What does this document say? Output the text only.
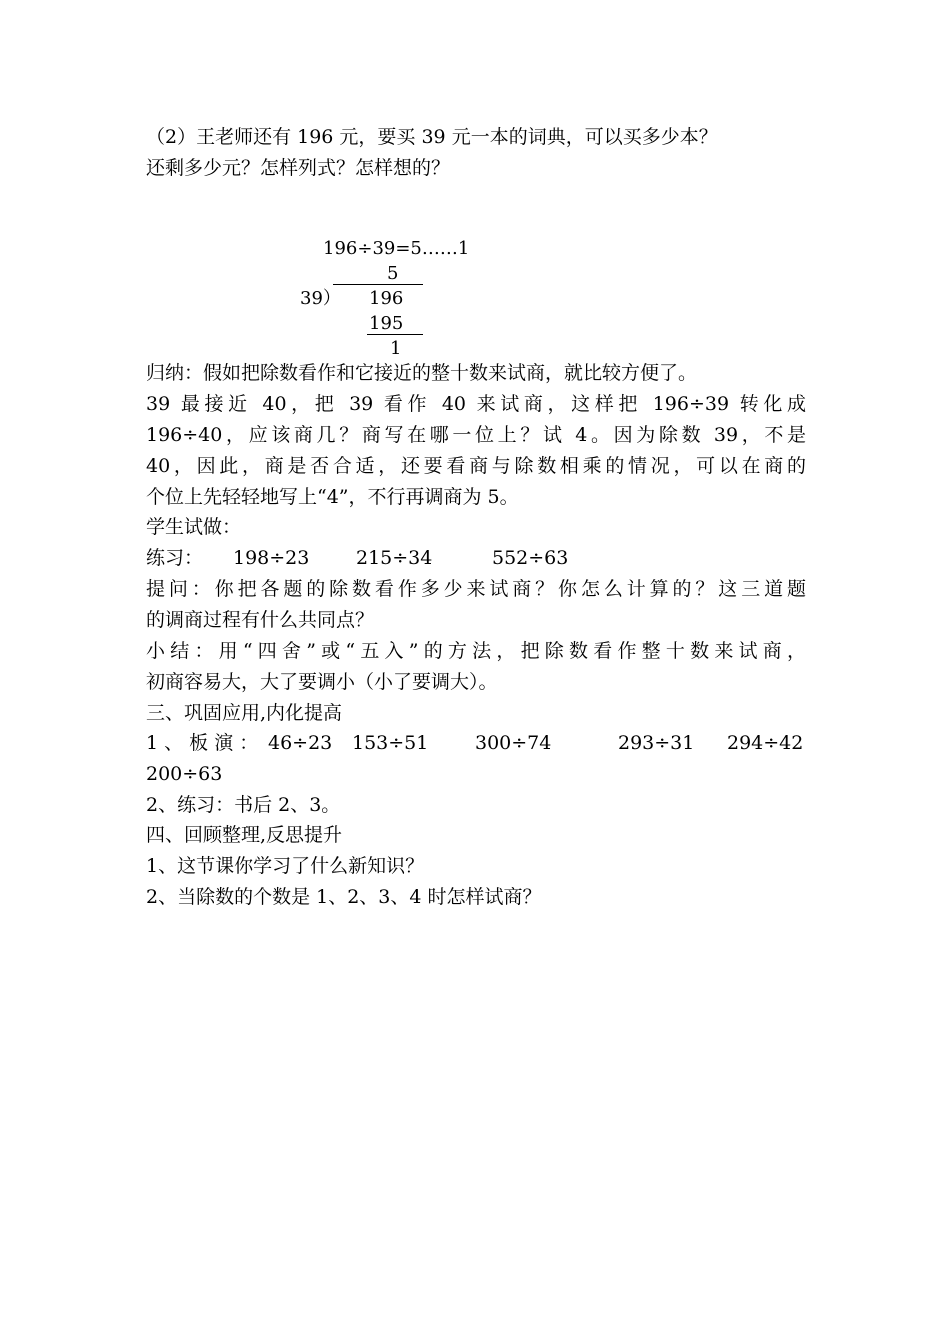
（2）王老师还有 196 元，要买 39 元一本的词典，可以买多少本？
还剩多少元？怎样列式？怎样想的？
196÷39=5……1
5
39） 196
195
1
归纳：假如把除数看作和它接近的整十数来试商，就比较方便了。
39 最接近 40，把 39 看作 40 来试商，这样把 196÷39 转化成
196÷40，应该商几？商写在哪一位上？试 4。因为除数 39，不是
40，因此，商是否合适，还要看商与除数相乘的情况，可以在商的
个位上先轻轻地写上“4”，不行再调商为 5。
学生试做：
练习： 198÷23 215÷34	552÷63
提问：你把各题的除数看作多少来试商？你怎么计算的？这三道题
的调商过程有什么共同点？
小结：用“四舍”或“五入”的方法，把除数看作整十数来试商，
初商容易大，大了要调小（小了要调大）。
三、巩固应用,内化提高
1 、 板 演 ： 46÷23 153÷51 300÷74	293÷31 294÷42
200÷63
2、练习：书后 2、3。
四、回顾整理,反思提升
1、这节课你学习了什么新知识？
2、当除数的个数是 1、2、3、4 时怎样试商？
